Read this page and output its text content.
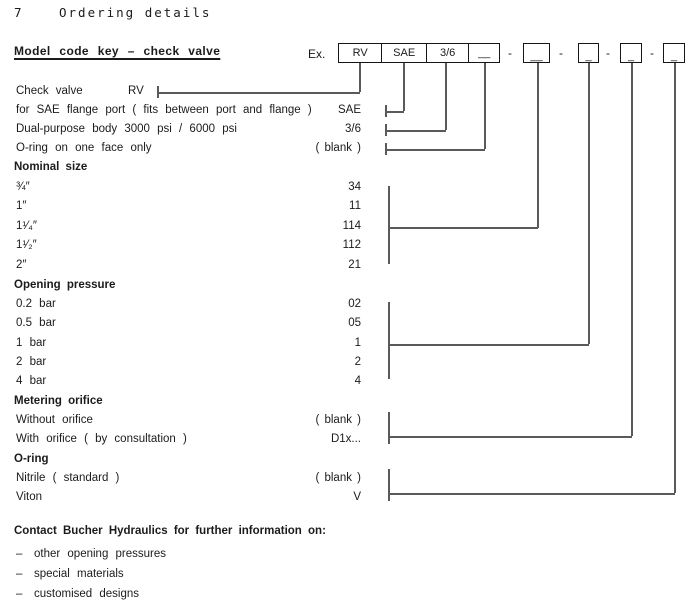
7	Ordering details
Model code key – check valve	Ex.	RV	SAE	3/6	__	-	-	-	-
__	_	_	_
Check valve	RV
for SAE flange port ( fits between port and flange )	SAE
Dual-purpose body 3000 psi / 6000 psi	3/6
O-ring on one face only	( blank )
Nominal size
¾″	34
1″	11
1¹⁄₄″	114
1¹⁄₂″	112
2″	21
Opening pressure
0.2 bar	02
0.5 bar	05
1 bar	1
2 bar	2
4 bar	4
Metering orifice
Without orifice	( blank )
With orifice ( by consultation )	D1x...
O-ring
Nitrile ( standard )	( blank )
Viton	V
Contact Bucher Hydraulics for further information on:
– other opening pressures
– special materials
– customised designs
